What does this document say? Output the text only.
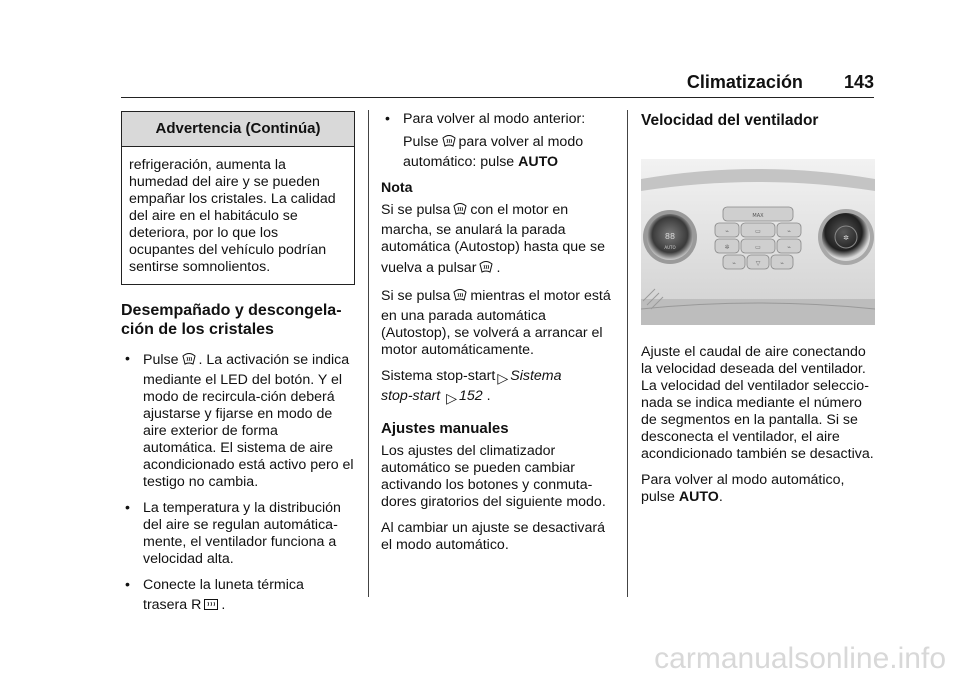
Climatización 143
Advertencia (Continúa)
refrigeración, aumenta la humedad del aire y se pueden empañar los cristales. La calidad del aire en el habitáculo se deteriora, por lo que los ocupantes del vehículo podrían sentirse somnolientos.
Desempañado y descongela-ción de los cristales
• Pulse . La activación se indica mediante el LED del botón. Y el modo de recircula-ción deberá ajustarse y fijarse en modo de aire exterior de forma automática. El sistema de aire acondicionado está activo pero el testigo no cambia.
• La temperatura y la distribución del aire se regulan automática-mente, el ventilador funciona a velocidad alta.
• Conecte la luneta térmica
trasera R .
• Para volver al modo anterior:
Pulse para volver al modo automático: pulse AUTO

Nota

Si se pulsa con el motor en marcha, se anulará la parada automática (Autostop) hasta que se
vuelva a pulsar .

Si se pulsa mientras el motor está en una parada automática (Autostop), se volverá a arrancar el motor automáticamente.

Sistema stop-start ▷ Sistema
stop-start ▷ 152 .

Ajustes manuales

Los ajustes del climatizador automático se pueden cambiar activando los botones y conmuta-dores giratorios del siguiente modo.

Al cambiar un ajuste se desactivará el modo automático.

Velocidad del ventilador
88
AUTO
✲
MAX
⌁	▭	⌁
✲	▭	⌁
⌁	▽	⌁

Ajuste el caudal de aire conectando la velocidad deseada del ventilador. La velocidad del ventilador seleccio-nada se indica mediante el número de segmentos en la pantalla. Si se desconecta el ventilador, el aire acondicionado también se desactiva.

Para volver al modo automático, pulse AUTO.

carmanualsonline.info
